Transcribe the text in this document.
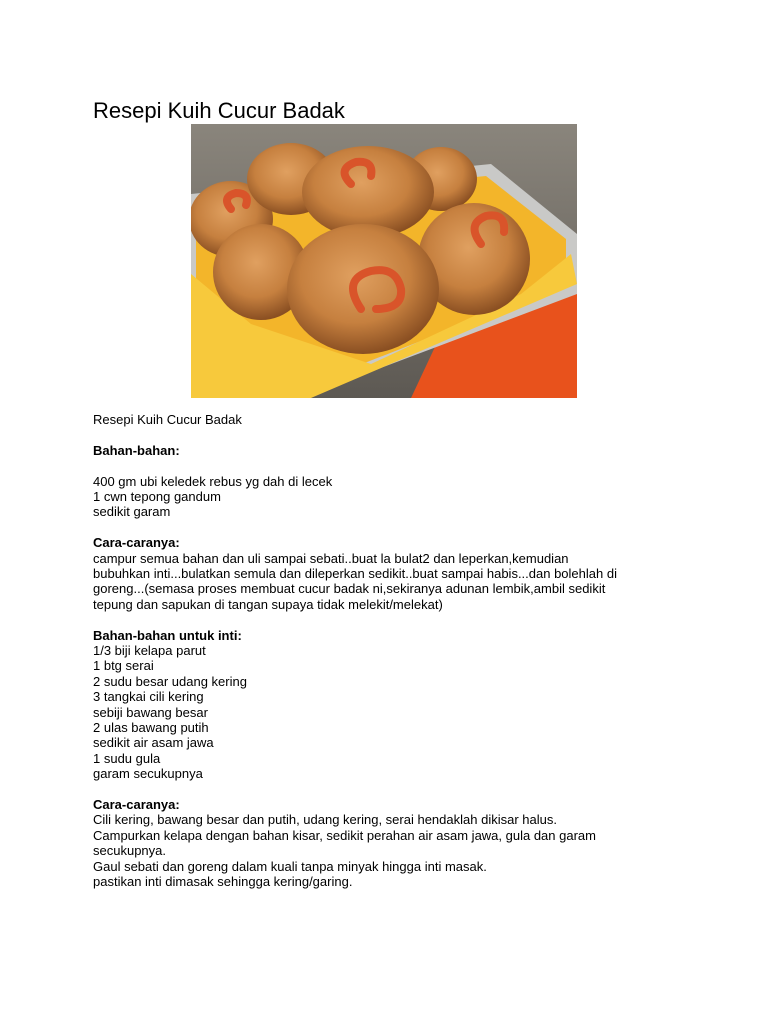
Resepi Kuih Cucur Badak

Resepi Kuih Cucur Badak

Bahan-bahan:

400 gm ubi keledek rebus yg dah di lecek

1 cwn tepong gandum

sedikit garam

Cara-caranya:

campur semua bahan dan uli sampai sebati..buat la bulat2 dan leperkan,kemudian

bubuhkan inti...bulatkan semula dan dileperkan sedikit..buat sampai habis...dan bolehlah di

goreng...(semasa proses membuat cucur badak ni,sekiranya adunan lembik,ambil sedikit

tepung dan sapukan di tangan supaya tidak melekit/melekat)

Bahan-bahan untuk inti:

1/3 biji kelapa parut

1 btg serai

2 sudu besar udang kering

3 tangkai cili kering

sebiji bawang besar

2 ulas bawang putih

sedikit air asam jawa

1 sudu gula

garam secukupnya

Cara-caranya:

Cili kering, bawang besar dan putih, udang kering, serai hendaklah dikisar halus.

Campurkan kelapa dengan bahan kisar, sedikit perahan air asam jawa, gula dan garam

secukupnya.

Gaul sebati dan goreng dalam kuali tanpa minyak hingga inti masak.

pastikan inti dimasak sehingga kering/garing.
